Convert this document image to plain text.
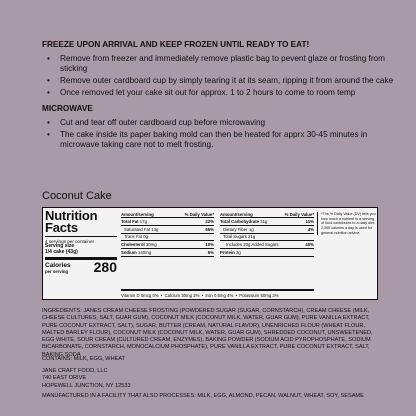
FREEZE UPON ARRIVAL AND KEEP FROZEN UNTIL READY TO EAT!
• Remove from freezer and immediately remove plastic bag to pevent glaze or frosting from sticking
• Remove outer cardboard cup by simply tearing it at its seam, ripping it from around the cake
• Once removed let your cake sit out for approx. 1 to 2 hours to come to room temp
MICROWAVE
• Cut and tear off outer cardboard cup before microwaving
• The cake inside its paper baking mold can then be heated for apprx 30-45 minutes in microwave taking care not to melt frosting.
Coconut Cake
Nutrition
Facts
4 servings per container
Serving size
1/4 cake (43g)
Calories
per serving 280
Amount/serving	% Daily Value*
Total Fat 17g	22%
Saturated Fat 13g	65%
Trans Fat 0g
Cholesterol 30mg	10%
Sodium 140mg	6%
Amount/serving	% Daily Value*
Total Carbohydrate 31g	11%
Dietary Fiber 1g	4%
Total Sugars 21g
Includes 20g Added Sugars	40%
Protein 3g
Vitamin D 0mcg 0% • Calcium 30mg 2% • Iron 0.6mg 4% • Potassium 50mg 2%
*The % Daily Value (DV) tells you how much a nutrient in a serving of food contributes to a daily diet. 2,000 calories a day is used for general nutrition advice.
INGREDIENTS: JANES CREAM CHEESE FROSTING (POWDERED SUGAR (SUGAR, CORNSTARCH), CREAM CHEESE (MILK, CHEESE CULTURES, SALT, GUAR GUM), COCONUT MILK (COCONUT MILK, WATER, GUAR GUM), PURE VANILLA EXTRACT, PURE COCONUT EXTRACT, SALT), SUGAR, BUTTER (CREAM, NATURAL FLAVOR), UNENRICHED FLOUR (WHEAT FLOUR, MALTED BARLEY FLOUR), COCONUT MILK (COCONUT MILK, WATER, GUAR GUM), SHREDDED COCONUT, UNSWEETENED, EGG WHITE, SOUR CREAM (CULTURED CREAM, ENZYMES), BAKING POWDER (SODIUM ACID PYROPHOSPHATE, SODIUM BICARBONATE, CORNSTARCH, MONOCALCIUM PHOSPHATE), PURE VANILLA EXTRACT, PURE COCONUT EXTRACT, SALT, BAKING SODA
CONTAINS: MILK, EGG, WHEAT
JANE CRAFT FOOD, LLC
740 EAST DRIVE
HOPEWELL JUNCTION, NY 12533
MANUFACTURED IN A FACILITY THAT ALSO PROCESSES: MILK, EGG, ALMOND, PECAN, WALNUT, WHEAT, SOY, SESAME
